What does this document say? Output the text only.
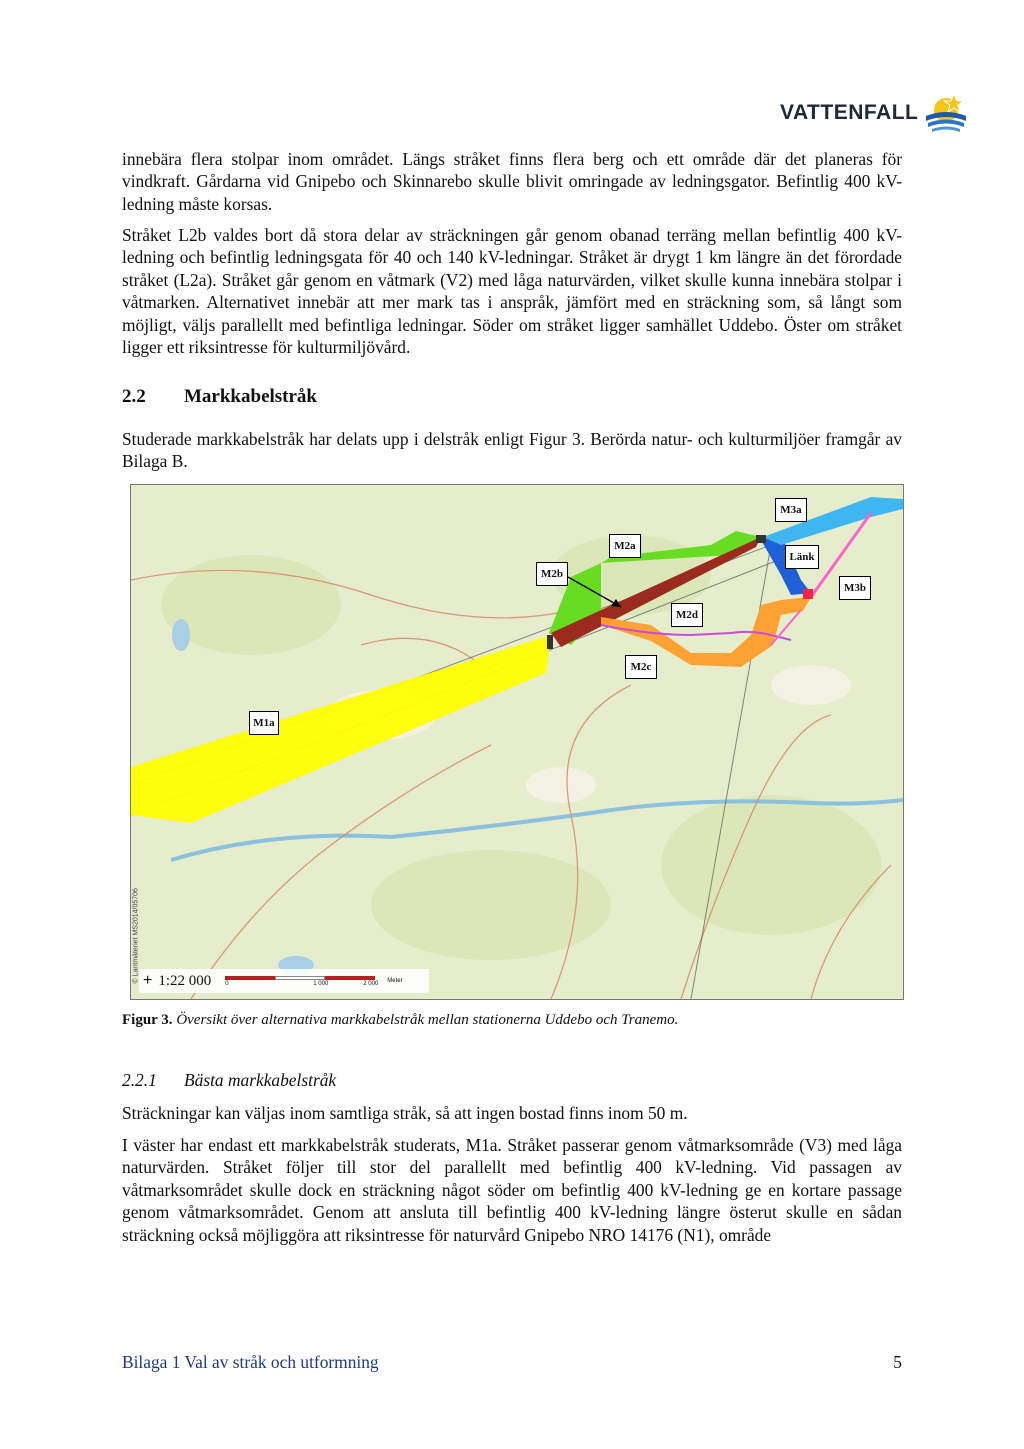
VATTENFALL

innebära flera stolpar inom området. Längs stråket finns flera berg och ett område där det planeras för vindkraft. Gårdarna vid Gnipebo och Skinnarebo skulle blivit omringade av ledningsgator. Befintlig 400 kV-ledning måste korsas.

Stråket L2b valdes bort då stora delar av sträckningen går genom obanad terräng mellan befintlig 400 kV-ledning och befintlig ledningsgata för 40 och 140 kV-ledningar. Stråket är drygt 1 km längre än det förordade stråket (L2a). Stråket går genom en våtmark (V2) med låga naturvärden, vilket skulle kunna innebära stolpar i våtmarken. Alternativet innebär att mer mark tas i anspråk, jämfört med en sträckning som, så långt som möjligt, väljs parallellt med befintliga ledningar. Söder om stråket ligger samhället Uddebo. Öster om stråket ligger ett riksintresse för kulturmiljövård.

2.2 Markkabelstråk

Studerade markkabelstråk har delats upp i delstråk enligt Figur 3. Berörda natur- och kulturmiljöer framgår av Bilaga B.

M1a
M2a
M2b
M2c
M2d
M3a
M3b
Länk
© Lantmäteriet MS2014/05706 + 1:22 000 0	1 000	2 000 Meter
Figur 3. Översikt över alternativa markkabelstråk mellan stationerna Uddebo och Tranemo.
2.2.1 Bästa markkabelstråk

Sträckningar kan väljas inom samtliga stråk, så att ingen bostad finns inom 50 m.

I väster har endast ett markkabelstråk studerats, M1a. Stråket passerar genom våtmarksområde (V3) med låga naturvärden. Stråket följer till stor del parallellt med befintlig 400 kV-ledning. Vid passagen av våtmarksområdet skulle dock en sträckning något söder om befintlig 400 kV-ledning ge en kortare passage genom våtmarksområdet. Genom att ansluta till befintlig 400 kV-ledning längre österut skulle en sådan sträckning också möjliggöra att riksintresse för naturvård Gnipebo NRO 14176 (N1), område

Bilaga 1 Val av stråk och utformning	5
